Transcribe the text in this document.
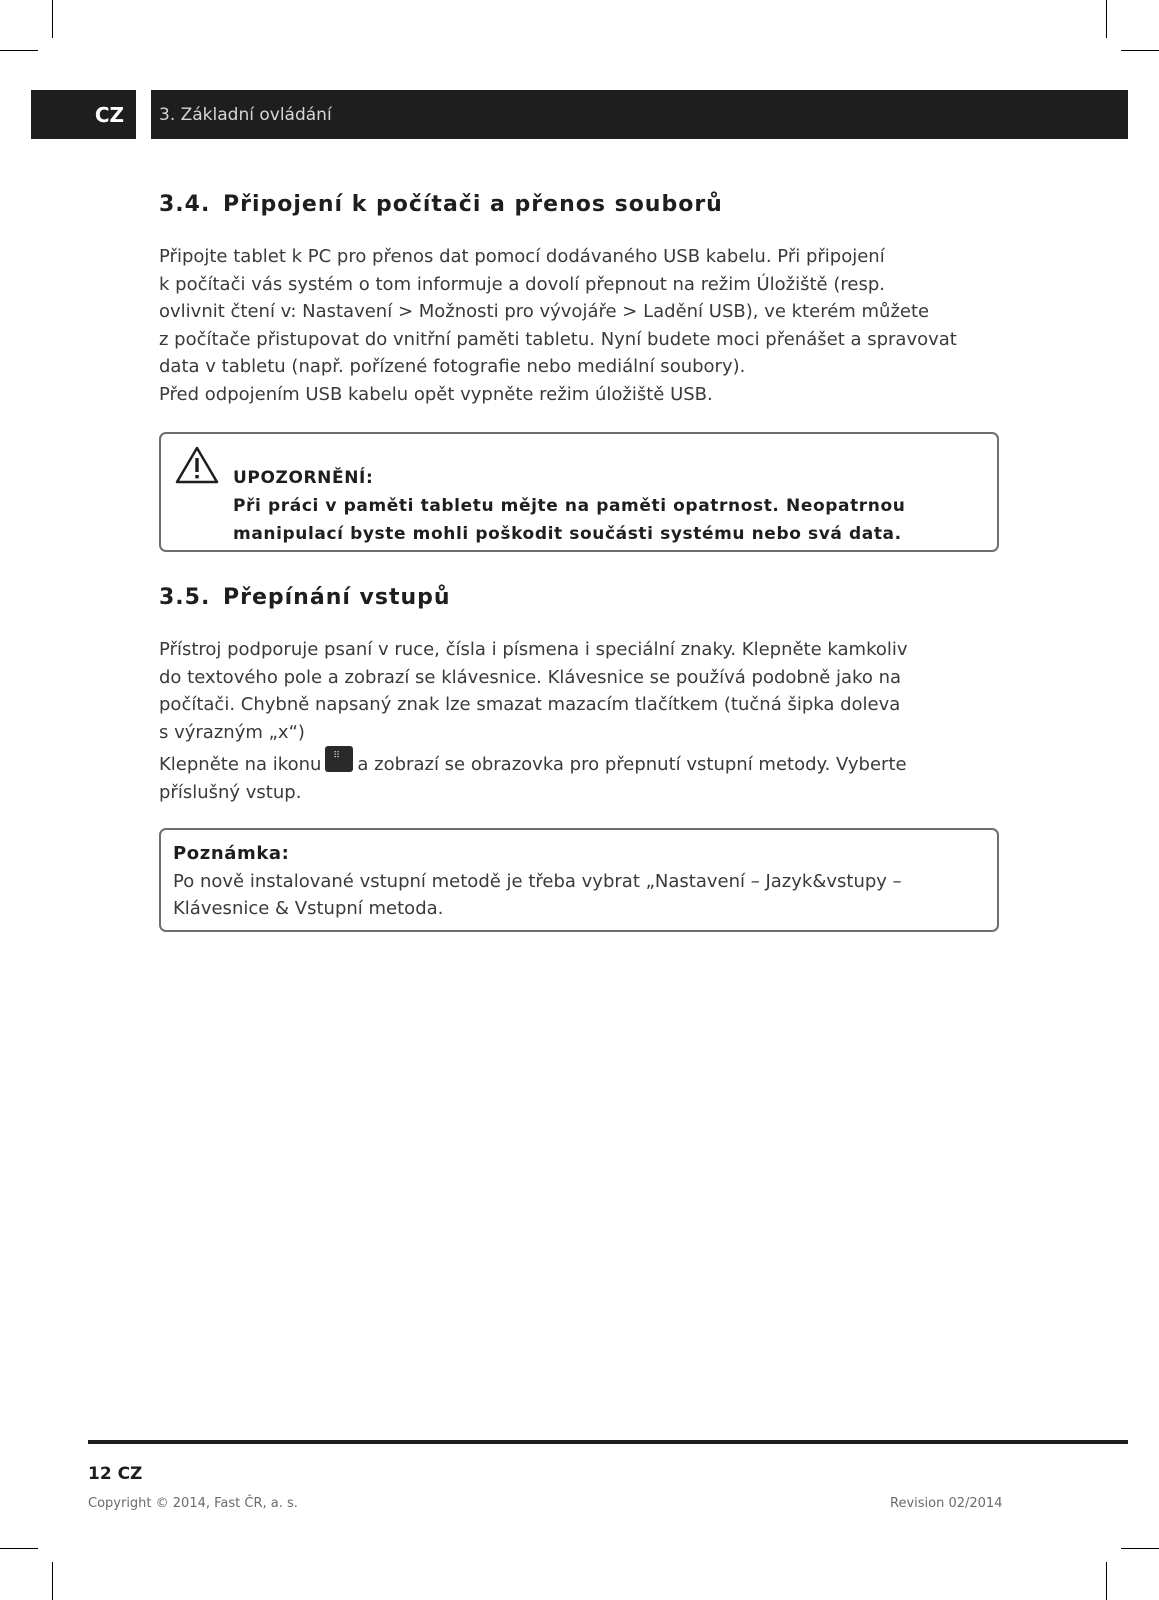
CZ	3. Základní ovládání
3.4. Připojení k počítači a přenos souborů

Připojte tablet k PC pro přenos dat pomocí dodávaného USB kabelu. Při připojení

k počítači vás systém o tom informuje a dovolí přepnout na režim Úložiště (resp.

ovlivnit čtení v: Nastavení > Možnosti pro vývojáře > Ladění USB), ve kterém můžete

z počítače přistupovat do vnitřní paměti tabletu. Nyní budete moci přenášet a spravovat

data v tabletu (např. pořízené fotografie nebo mediální soubory).

Před odpojením USB kabelu opět vypněte režim úložiště USB.

UPOZORNĚNÍ:
Při práci v paměti tabletu mějte na paměti opatrnost. Neopatrnou
manipulací byste mohli poškodit součásti systému nebo svá data.
3.5. Přepínání vstupů

Přístroj podporuje psaní v ruce, čísla i písmena i speciální znaky. Klepněte kamkoliv

do textového pole a zobrazí se klávesnice. Klávesnice se používá podobně jako na

počítači. Chybně napsaný znak lze smazat mazacím tlačítkem (tučná šipka doleva

s výrazným „x“)

Klepněte na ikonu ⠿ a zobrazí se obrazovka pro přepnutí vstupní metody. Vyberte

příslušný vstup.

Poznámka:
Po nově instalované vstupní metodě je třeba vybrat „Nastavení – Jazyk&vstupy –
Klávesnice & Vstupní metoda.
12 CZ
Copyright © 2014, Fast ČR, a. s.	Revision 02/2014
